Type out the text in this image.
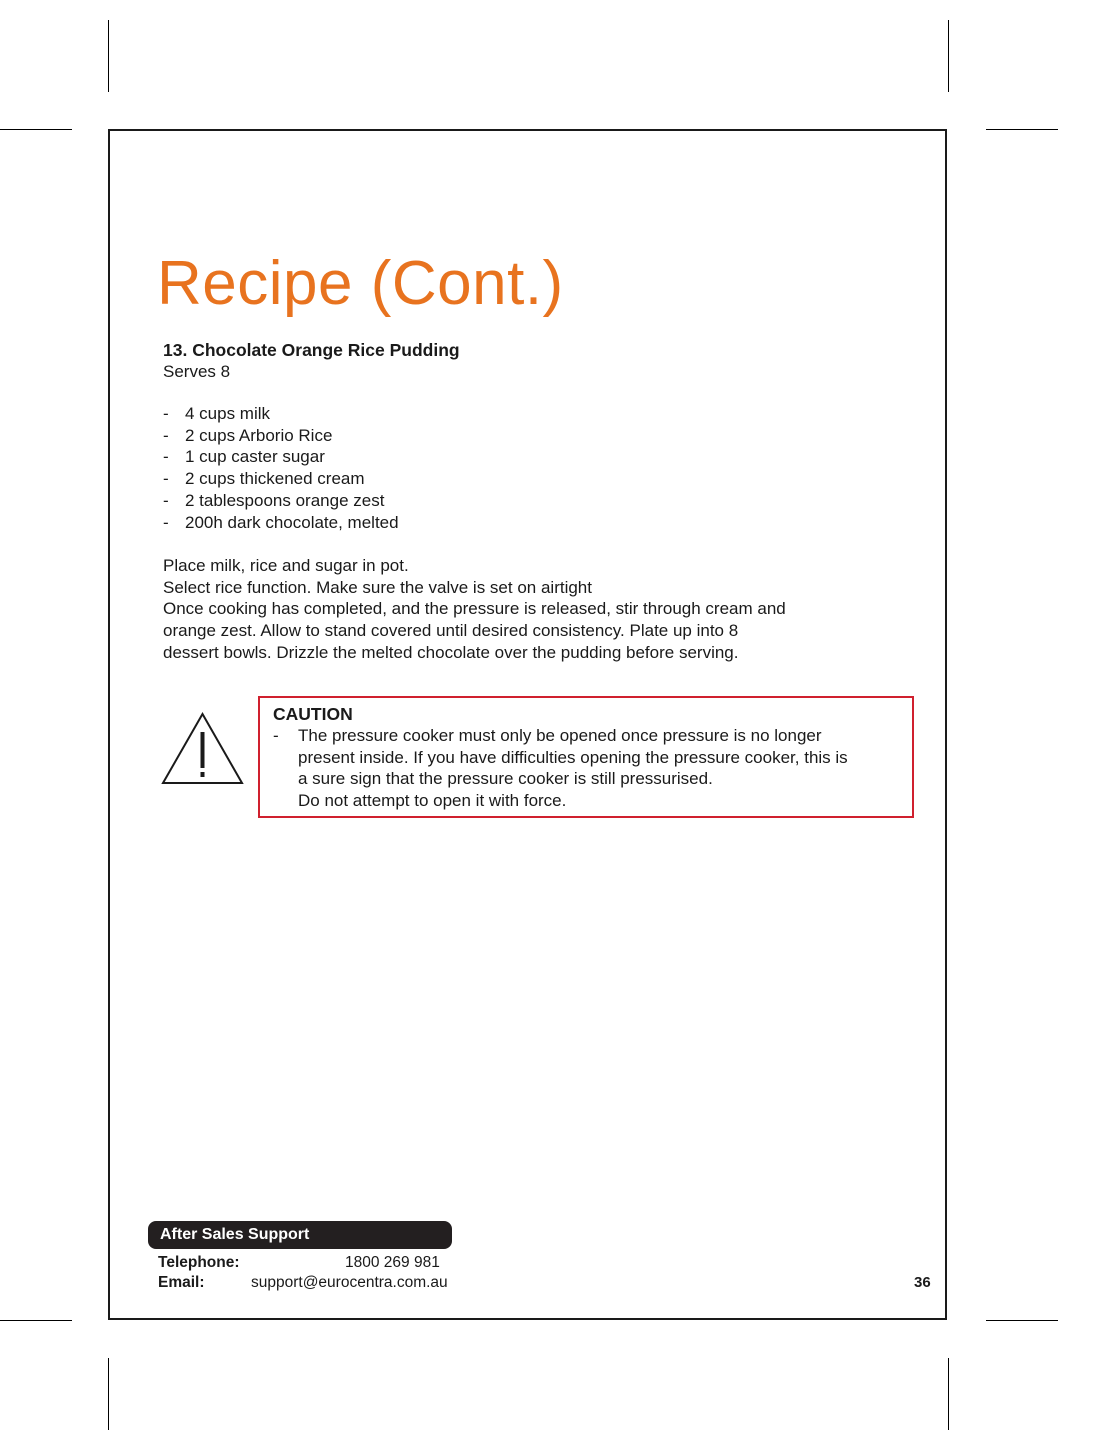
Recipe (Cont.)
13. Chocolate Orange Rice Pudding
Serves 8
- 4 cups milk
- 2 cups Arborio Rice
- 1 cup caster sugar
- 2 cups thickened cream
- 2 tablespoons orange zest
- 200h dark chocolate, melted

Place milk, rice and sugar in pot.

Select rice function. Make sure the valve is set on airtight

Once cooking has completed, and the pressure is released, stir through cream and

orange zest. Allow to stand covered until desired consistency. Plate up into 8

dessert bowls. Drizzle the melted chocolate over the pudding before serving.

CAUTION
- The pressure cooker must only be opened once pressure is no longer

present inside. If you have difficulties opening the pressure cooker, this is

a sure sign that the pressure cooker is still pressurised.

Do not attempt to open it with force.

After Sales Support
Telephone:	1800 269 981
Email:	support@eurocentra.com.au	36
